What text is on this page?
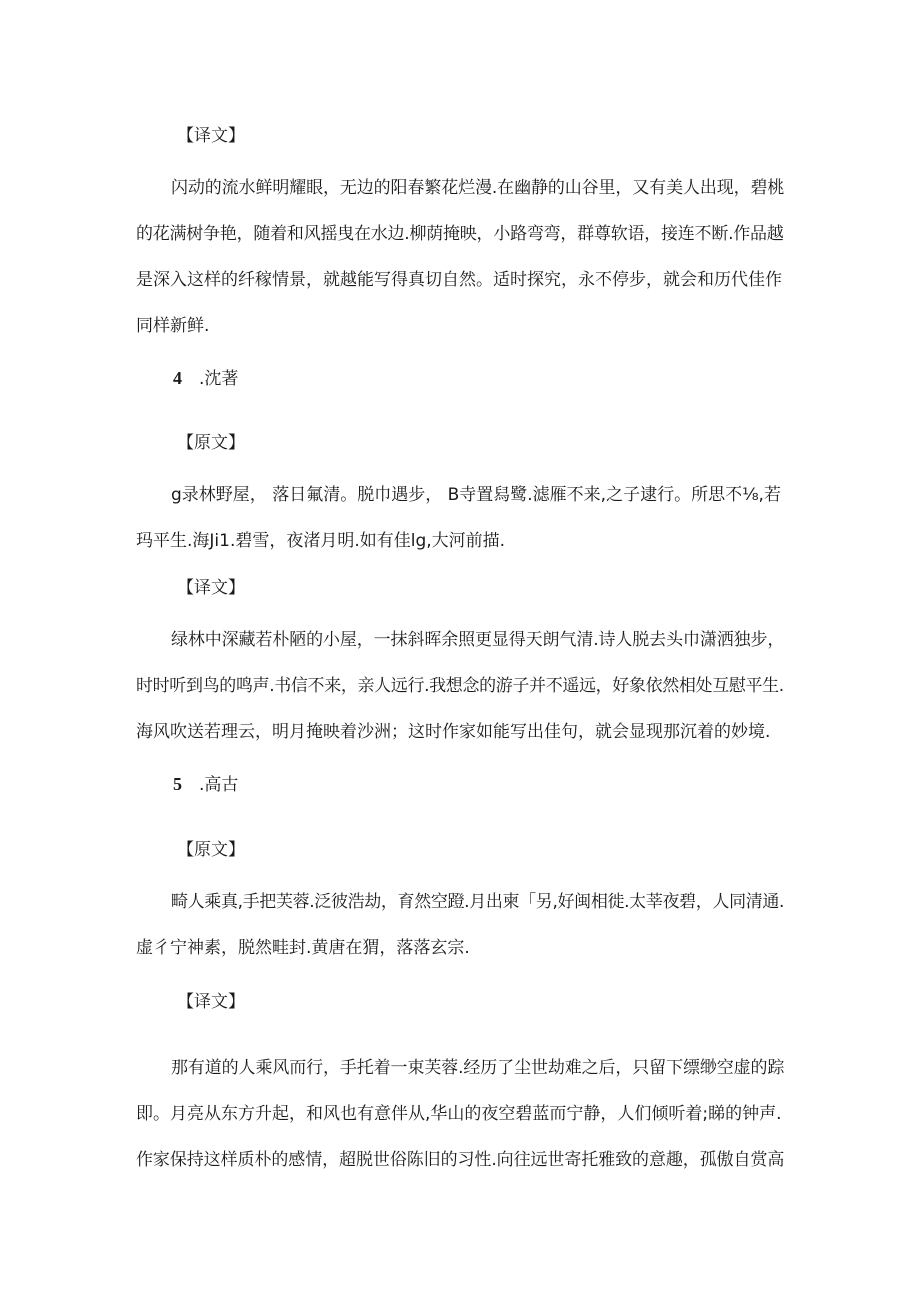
【译文】
闪动的流水鲜明耀眼，无边的阳春繁花烂漫.在幽静的山谷里，又有美人出现，碧桃
的花满树争艳，随着和风摇曳在水边.柳荫掩映，小路弯弯，群尊软语，接连不断.作品越
是深入这样的纤稼情景，就越能写得真切自然。适时探究，永不停步，就会和历代佳作
同样新鲜.
4 .沈著
【原文】
g录林野屋， 落日氟清。脱巾遇步， B寺置舄鹭.滤雁不来,之子逮行。所思不⅛,若
玛平生.海Ji1.碧雪，夜渚月明.如有佳lg,大河前描.
【译文】
绿林中深藏若朴陋的小屋，一抹斜晖余照更显得天朗气清.诗人脱去头巾潇洒独步，
时时听到鸟的鸣声.书信不来，亲人远行.我想念的游子并不遥远，好象依然相处互慰平生.
海风吹送若理云，明月掩映着沙洲；这时作家如能写出佳句，就会显现那沉着的妙境.
5 .高古
【原文】
畸人乘真,手把芙蓉.泛彼浩劫，育然空蹬.月出柬「另,好闽相徙.太莘夜碧，人同清通.
虚彳宁神素，脱然畦封.黄唐在猬，落落玄宗.
【译文】
那有道的人乘风而行，手托着一束芙蓉.经历了尘世劫难之后，只留下缥缈空虚的踪
即。月亮从东方升起，和风也有意伴从,华山的夜空碧蓝而宁静，人们倾听着;睇的钟声.
作家保持这样质朴的感情，超脱世俗陈旧的习性.向往远世寄托雅致的意趣，孤傲自赏高
